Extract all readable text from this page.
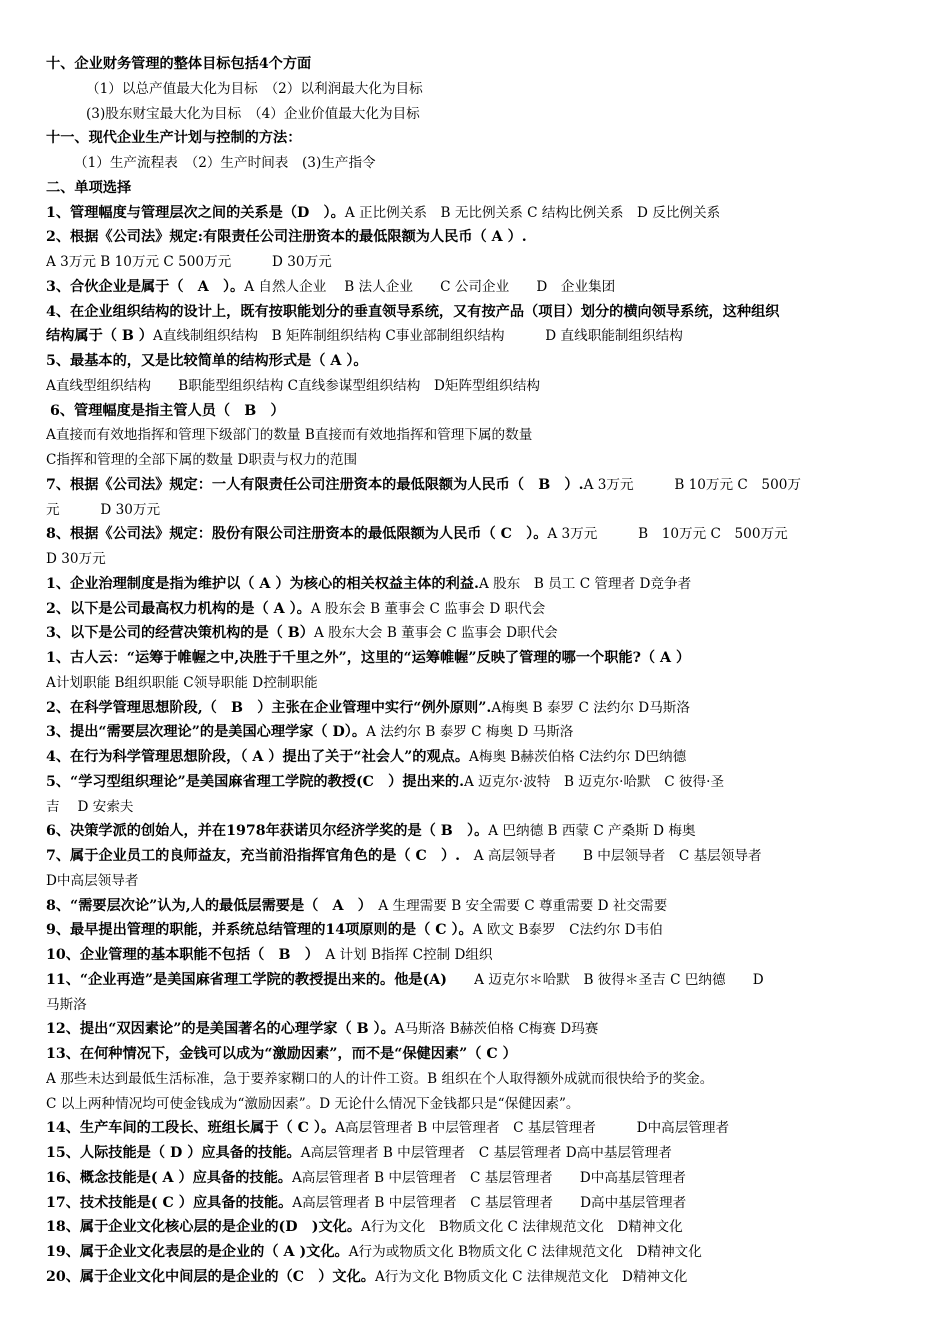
十、企业财务管理的整体目标包括4个方面
（1）以总产值最大化为目标　（2）以利润最大化为目标
(3)股东财宝最大化为目标　（4）企业价值最大化为目标
十一、现代企业生产计划与控制的方法：
（1）生产流程表　（2）生产时间表　(3)生产指令
二、单项选择
1、管理幅度与管理层次之间的关系是（D　）。A 正比例关系　B 无比例关系 C 结构比例关系　D 反比例关系
2、根据《公司法》规定:有限责任公司注册资本的最低限额为人民币（ A ）.
A 3万元 B 10万元 C 500万元　　　D 30万元
3、合伙企业是属于（　A　）。A 自然人企业　 B 法人企业　　C 公司企业　　D　企业集团
4、在企业组织结构的设计上，既有按职能划分的垂直领导系统，又有按产品（项目）划分的横向领导系统，这种组织
结构属于（ B ）A直线制组织结构　B 矩阵制组织结构 C事业部制组织结构　　　D 直线职能制组织结构
5、最基本的，又是比较简单的结构形式是（ A ）。
A直线型组织结构　　B职能型组织结构 C直线参谋型组织结构　D矩阵型组织结构
6、管理幅度是指主管人员（　B　）
A直接而有效地指挥和管理下级部门的数量 B直接而有效地指挥和管理下属的数量
C指挥和管理的全部下属的数量 D职责与权力的范围
7、根据《公司法》规定：一人有限责任公司注册资本的最低限额为人民币（　B　）.A 3万元　　　B 10万元 C　500万
元　　　D 30万元
8、根据《公司法》规定：股份有限公司注册资本的最低限额为人民币（ C　）。A 3万元　　　B　10万元 C　500万元
D 30万元
1、企业治理制度是指为维护以（ A ）为核心的相关权益主体的利益.A 股东　B 员工 C 管理者 D竞争者
2、以下是公司最高权力机构的是（ A ）。A 股东会 B 董事会 C 监事会 D 职代会
3、以下是公司的经营决策机构的是（ B）A 股东大会 B 董事会 C 监事会 D职代会
1、古人云：“运筹于帷幄之中,决胜于千里之外”，这里的“运筹帷幄”反映了管理的哪一个职能?（ A ）
A计划职能 B组织职能 C领导职能 D控制职能
2、在科学管理思想阶段,（　B　）主张在企业管理中实行“例外原则”.A梅奥 B 泰罗 C 法约尔 D马斯洛
3、提出“需要层次理论”的是美国心理学家（ D）。A 法约尔 B 泰罗 C 梅奥 D 马斯洛
4、在行为科学管理思想阶段，（ A ）提出了关于“社会人”的观点。A梅奥 B赫茨伯格 C法约尔 D巴纳德
5、“学习型组织理论”是美国麻省理工学院的教授(C　）提出来的.A 迈克尔·波特　B 迈克尔·哈默　C 彼得·圣
吉　 D 安索夫
6、决策学派的创始人，并在1978年获诺贝尔经济学奖的是（ B　）。A 巴纳德 B 西蒙 C 产桑斯 D 梅奥
7、属于企业员工的良师益友，充当前沿指挥官角色的是（ C　）.　A 高层领导者　　B 中层领导者　C 基层领导者
D中高层领导者
8、“需要层次论”认为,人的最低层需要是（　A　）　A 生理需要 B 安全需要 C 尊重需要 D 社交需要
9、最早提出管理的职能，并系统总结管理的14项原则的是（ C ）。A 欧文 B泰罗　C法约尔 D韦伯
10、企业管理的基本职能不包括（　B　）　A 计划 B指挥 C控制 D组织
11、“企业再造”是美国麻省理工学院的教授提出来的。他是(A)　　A 迈克尔＊哈默　B 彼得＊圣吉 C 巴纳德　　D
马斯洛
12、提出“双因素论”的是美国著名的心理学家（ B ）。A马斯洛 B赫茨伯格 C梅赛 D玛赛
13、在何种情况下，金钱可以成为“激励因素”，而不是“保健因素”（ C ）
A 那些未达到最低生活标准，急于要养家糊口的人的计件工资。B 组织在个人取得额外成就而很快给予的奖金。
C 以上两种情况均可使金钱成为“激励因素”。D 无论什么情况下金钱都只是“保健因素”。
14、生产车间的工段长、班组长属于（ C ）。A高层管理者 B 中层管理者　C 基层管理者　　　D中高层管理者
15、人际技能是（ D ）应具备的技能。A高层管理者 B 中层管理者　C 基层管理者 D高中基层管理者
16、概念技能是( A ）应具备的技能。A高层管理者 B 中层管理者　C 基层管理者　　D中高基层管理者
17、技术技能是( C ）应具备的技能。A高层管理者 B 中层管理者　C 基层管理者　　D高中基层管理者
18、属于企业文化核心层的是企业的(D　)文化。A行为文化　B物质文化 C 法律规范文化　D精神文化
19、属于企业文化表层的是企业的（ A )文化。A行为或物质文化 B物质文化 C 法律规范文化　D精神文化
20、属于企业文化中间层的是企业的（C　）文化。A行为文化 B物质文化 C 法律规范文化　D精神文化
